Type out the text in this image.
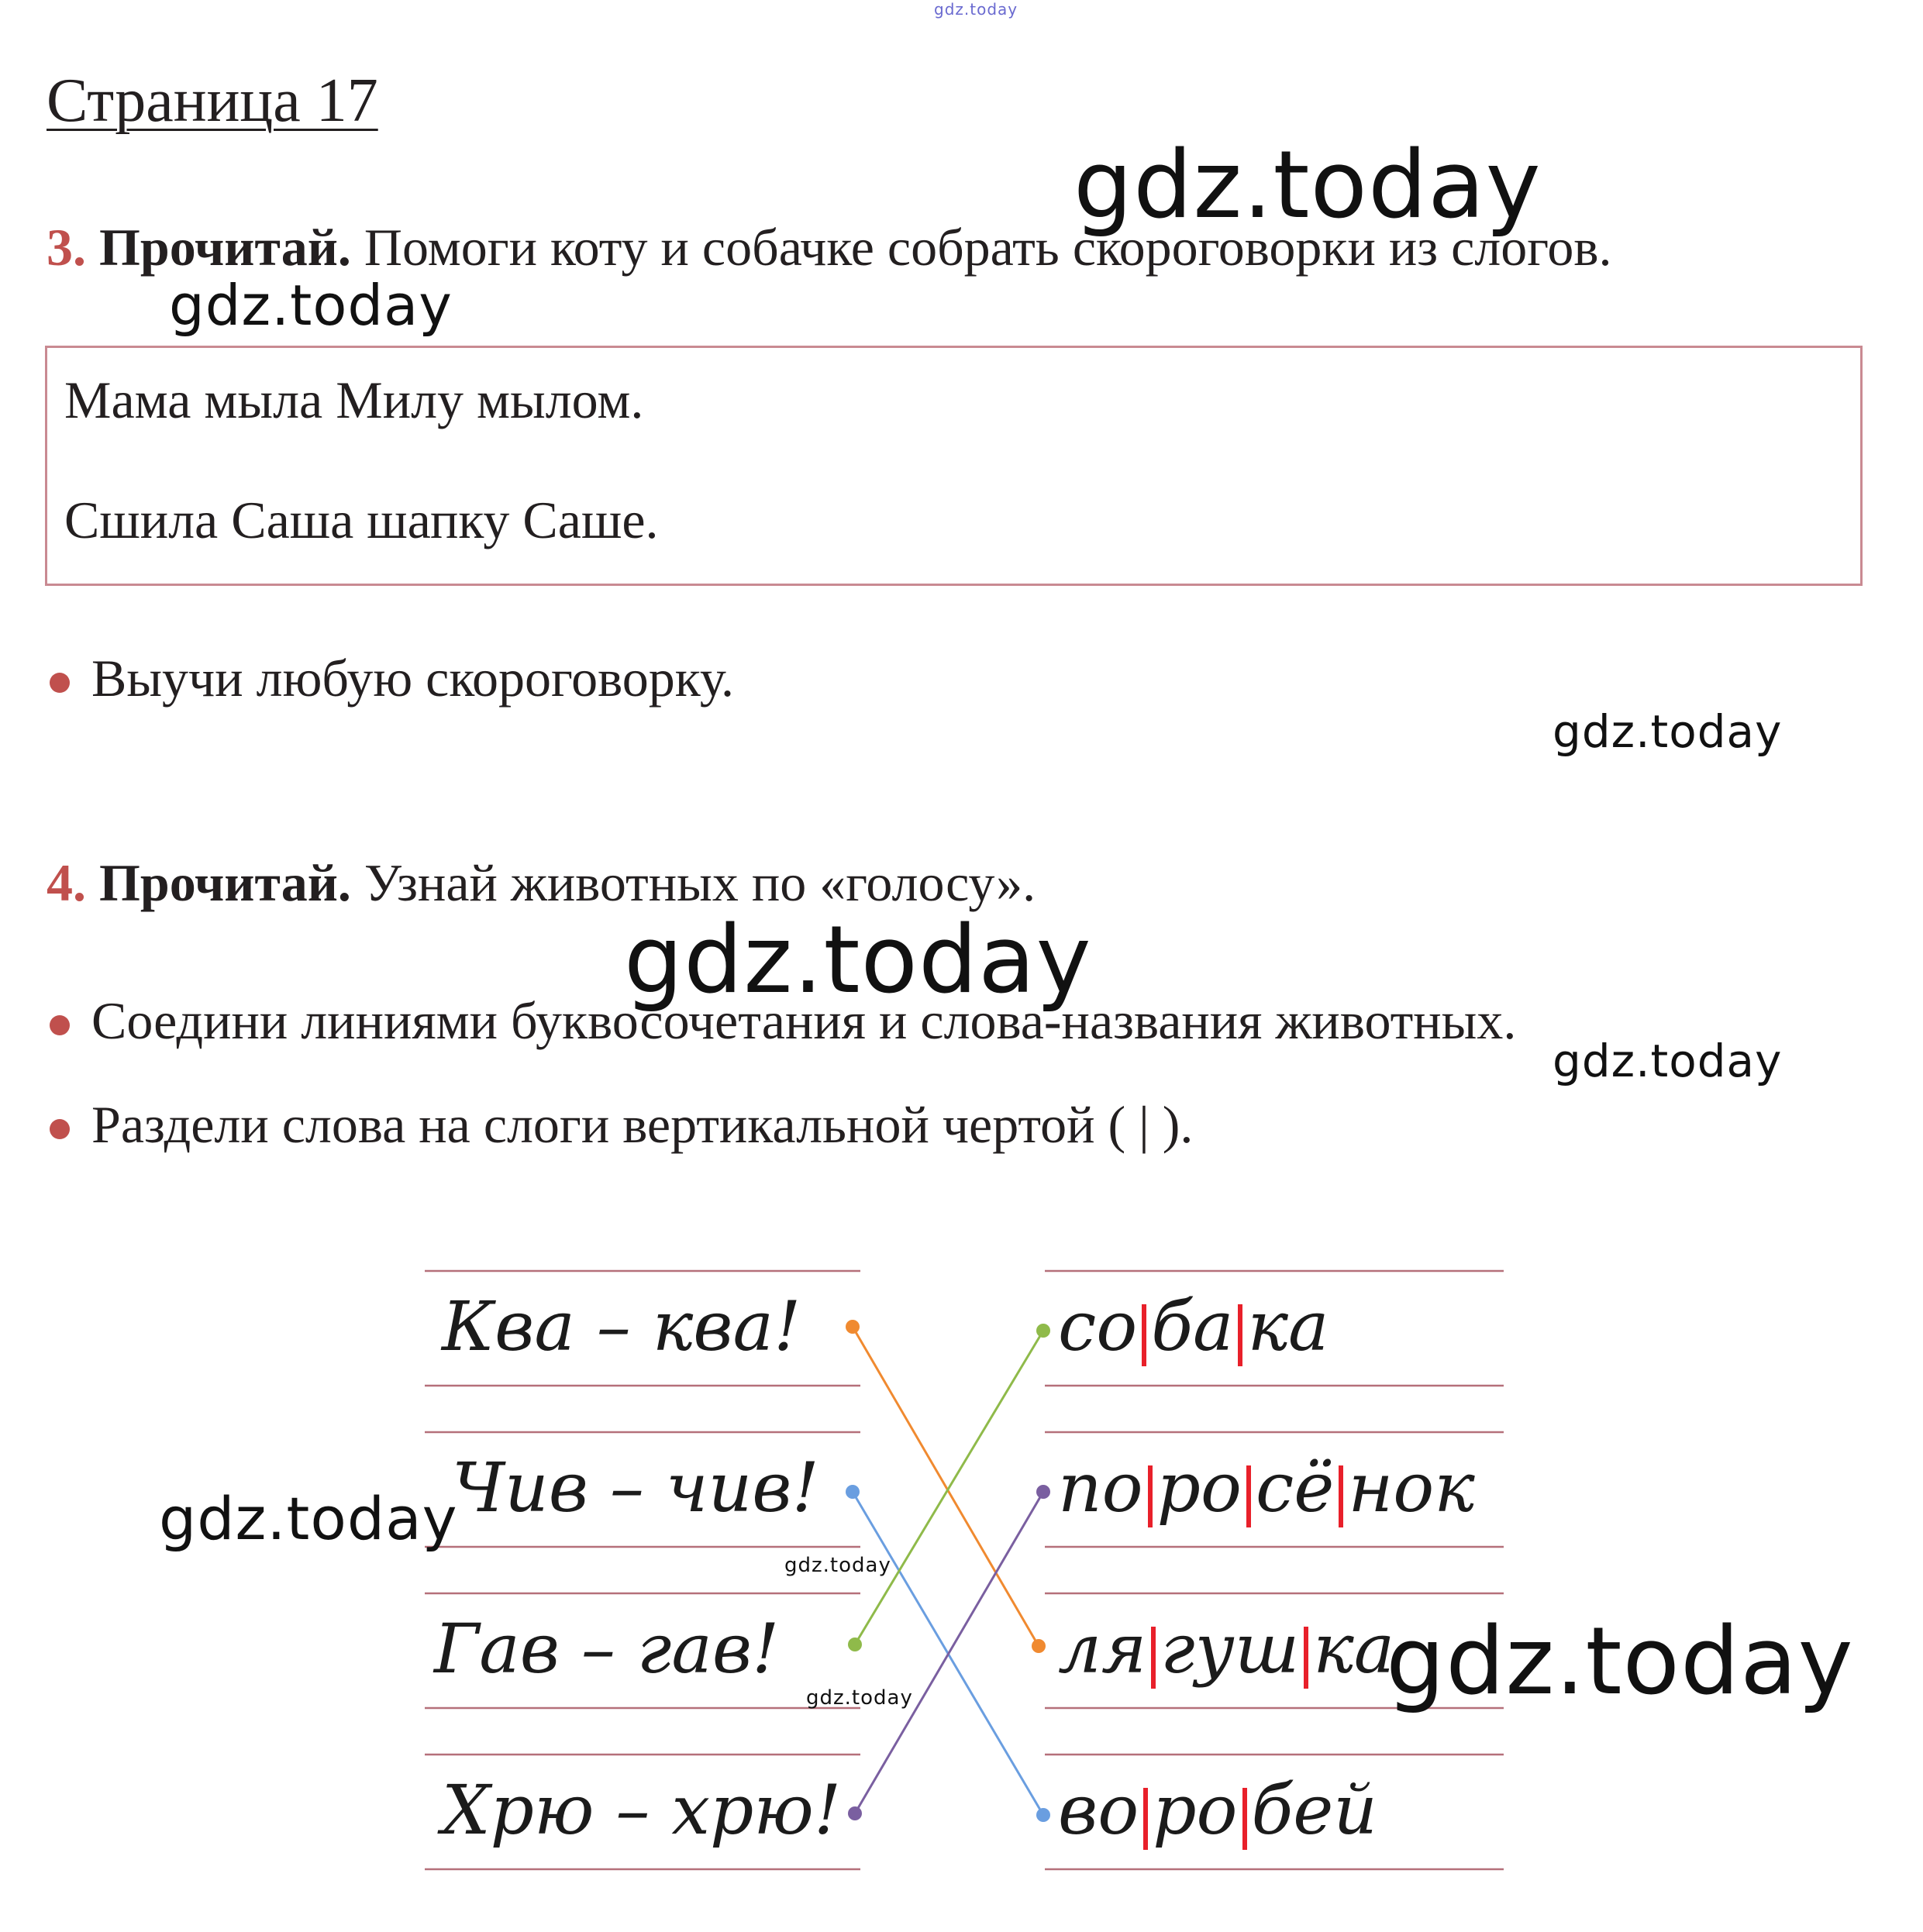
gdz.today
Страница 17
3. Прочитай. Помоги коту и собачке собрать скороговорки из слогов.
gdz.today
gdz.today
Мама мыла Милу мылом.
Сшила Саша шапку Саше.
Выучи любую скороговорку.
gdz.today
4. Прочитай. Узнай животных по «голосу».
gdz.today
Соедини линиями буквосочетания и слова-названия животных.
gdz.today
Раздели слова на слоги вертикальной чертой ( | ).
Ква – ква!
Чив – чив!
Гав – гав!
Хрю – хрю!
со ба ка
по ро сё нок
ля гуш ка
во ро бей
gdz.today
gdz.today
gdz.today	gdz.today
